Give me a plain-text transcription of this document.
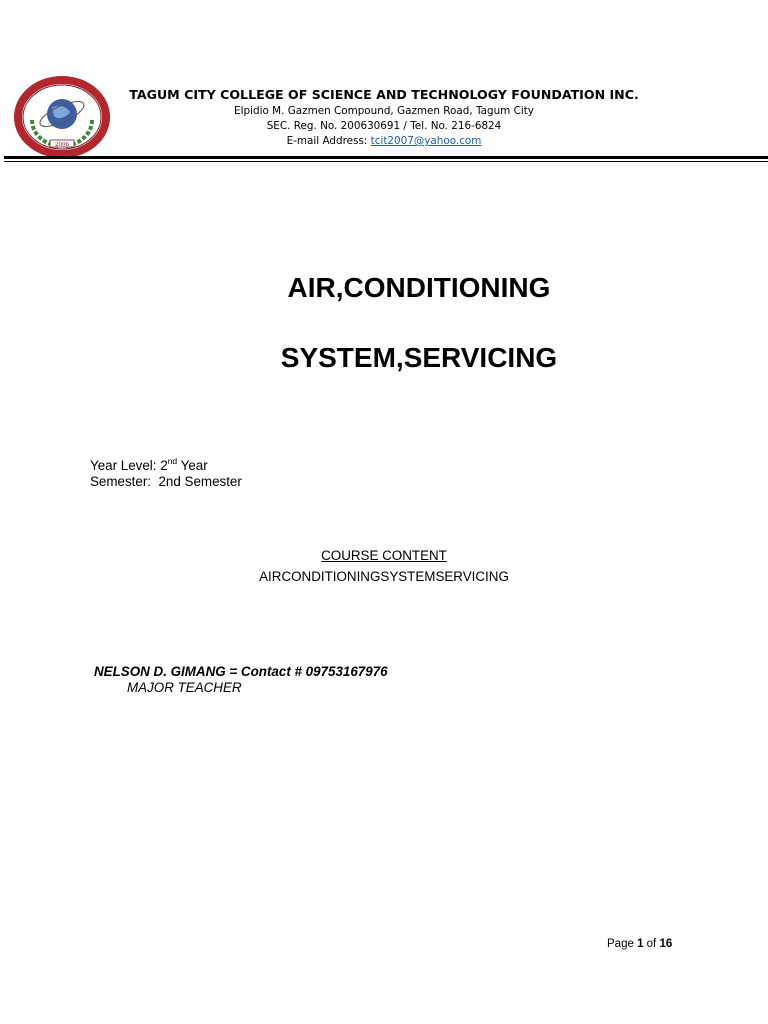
2006
TAGUM CITY COLLEGE OF SCIENCE AND TECHNOLOGY FOUNDATION INC.
Elpidio M. Gazmen Compound, Gazmen Road, Tagum City
SEC. Reg. No. 200630691 / Tel. No. 216-6824
E-mail Address: tcit2007@yahoo.com
AIR,CONDITIONING
SYSTEM,SERVICING
Year Level: 2nd Year
Semester:  2nd Semester
COURSE CONTENT
AIRCONDITIONINGSYSTEMSERVICING
NELSON D. GIMANG = Contact # 09753167976
MAJOR TEACHER
Page 1 of 16
